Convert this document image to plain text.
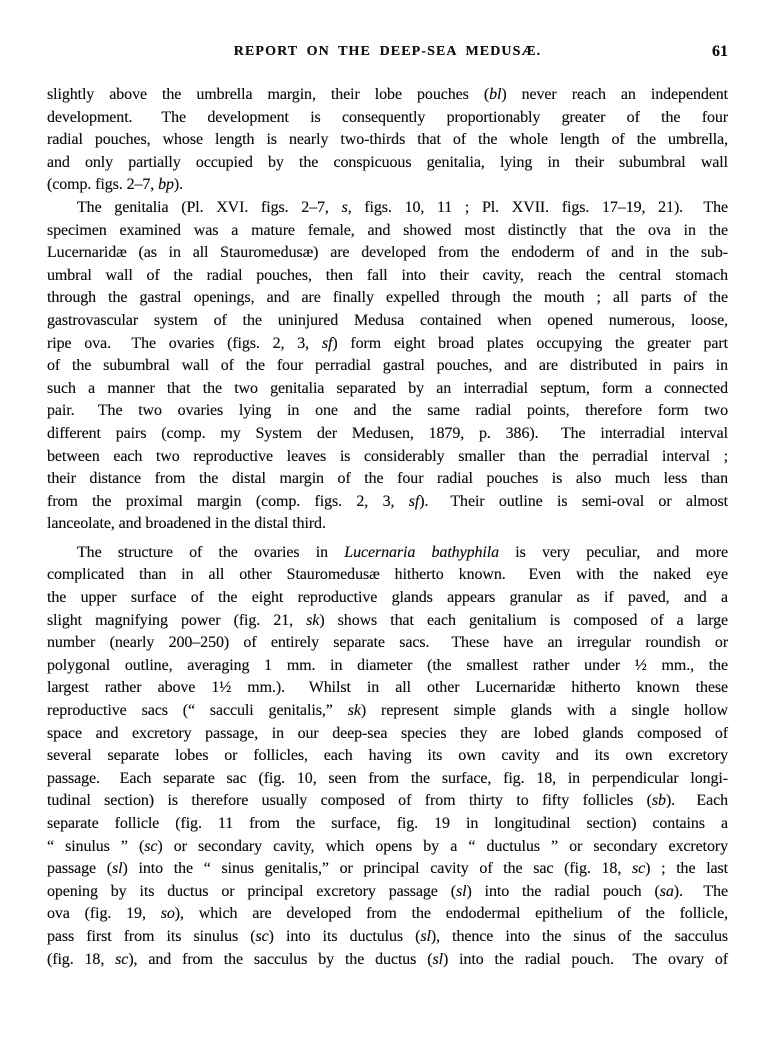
REPORT ON THE DEEP-SEA MEDUSÆ.	61
slightly above the umbrella margin, their lobe pouches (bl) never reach an independent
development.  The development is consequently proportionably greater of the four
radial pouches, whose length is nearly two-thirds that of the whole length of the umbrella,
and only partially occupied by the conspicuous genitalia, lying in their subumbral wall
(comp. figs. 2–7, bp).
The genitalia (Pl. XVI. figs. 2–7, s, figs. 10, 11 ; Pl. XVII. figs. 17–19, 21).  The
specimen examined was a mature female, and showed most distinctly that the ova in the
Lucernaridæ (as in all Stauromedusæ) are developed from the endoderm of and in the sub-
umbral wall of the radial pouches, then fall into their cavity, reach the central stomach
through the gastral openings, and are finally expelled through the mouth ; all parts of the
gastrovascular system of the uninjured Medusa contained when opened numerous, loose,
ripe ova.  The ovaries (figs. 2, 3, sf) form eight broad plates occupying the greater part
of the subumbral wall of the four perradial gastral pouches, and are distributed in pairs in
such a manner that the two genitalia separated by an interradial septum, form a connected
pair.  The two ovaries lying in one and the same radial points, therefore form two
different pairs (comp. my System der Medusen, 1879, p. 386).  The interradial interval
between each two reproductive leaves is considerably smaller than the perradial interval ;
their distance from the distal margin of the four radial pouches is also much less than
from the proximal margin (comp. figs. 2, 3, sf).  Their outline is semi-oval or almost
lanceolate, and broadened in the distal third.
The structure of the ovaries in Lucernaria bathyphila is very peculiar, and more
complicated than in all other Stauromedusæ hitherto known.  Even with the naked eye
the upper surface of the eight reproductive glands appears granular as if paved, and a
slight magnifying power (fig. 21, sk) shows that each genitalium is composed of a large
number (nearly 200–250) of entirely separate sacs.  These have an irregular roundish or
polygonal outline, averaging 1 mm. in diameter (the smallest rather under ½ mm., the
largest rather above 1½ mm.).  Whilst in all other Lucernaridæ hitherto known these
reproductive sacs (“ sacculi genitalis,” sk) represent simple glands with a single hollow
space and excretory passage, in our deep-sea species they are lobed glands composed of
several separate lobes or follicles, each having its own cavity and its own excretory
passage.  Each separate sac (fig. 10, seen from the surface, fig. 18, in perpendicular longi-
tudinal section) is therefore usually composed of from thirty to fifty follicles (sb).  Each
separate follicle (fig. 11 from the surface, fig. 19 in longitudinal section) contains a
“ sinulus ” (sc) or secondary cavity, which opens by a “ ductulus ” or secondary excretory
passage (sl) into the “ sinus genitalis,” or principal cavity of the sac (fig. 18, sc) ; the last
opening by its ductus or principal excretory passage (sl) into the radial pouch (sa).  The
ova (fig. 19, so), which are developed from the endodermal epithelium of the follicle,
pass first from its sinulus (sc) into its ductulus (sl), thence into the sinus of the sacculus
(fig. 18, sc), and from the sacculus by the ductus (sl) into the radial pouch.  The ovary of
